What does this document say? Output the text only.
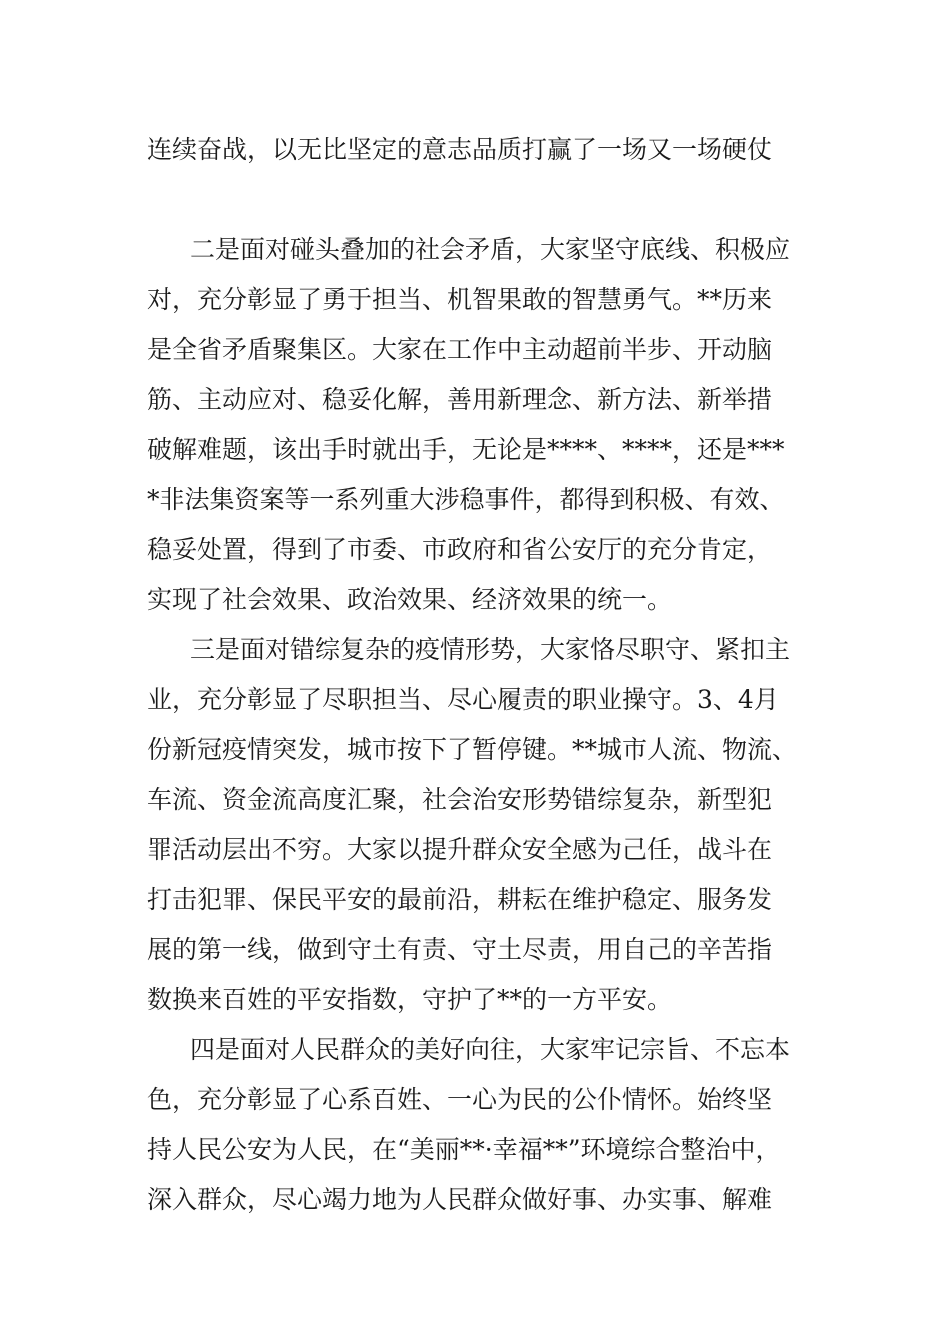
连续奋战，以无比坚定的意志品质打赢了一场又一场硬仗
二是面对碰头叠加的社会矛盾，大家坚守底线、积极应
对，充分彰显了勇于担当、机智果敢的智慧勇气。**历来
是全省矛盾聚集区。大家在工作中主动超前半步、开动脑
筋、主动应对、稳妥化解，善用新理念、新方法、新举措
破解难题，该出手时就出手，无论是****、****，还是***
*非法集资案等一系列重大涉稳事件，都得到积极、有效、
稳妥处置，得到了市委、市政府和省公安厅的充分肯定，
实现了社会效果、政治效果、经济效果的统一。
三是面对错综复杂的疫情形势，大家恪尽职守、紧扣主
业，充分彰显了尽职担当、尽心履责的职业操守。3、4月
份新冠疫情突发，城市按下了暂停键。**城市人流、物流、
车流、资金流高度汇聚，社会治安形势错综复杂，新型犯
罪活动层出不穷。大家以提升群众安全感为己任，战斗在
打击犯罪、保民平安的最前沿，耕耘在维护稳定、服务发
展的第一线，做到守土有责、守土尽责，用自己的辛苦指
数换来百姓的平安指数，守护了**的一方平安。
四是面对人民群众的美好向往，大家牢记宗旨、不忘本
色，充分彰显了心系百姓、一心为民的公仆情怀。始终坚
持人民公安为人民，在“美丽**·幸福**”环境综合整治中，
深入群众，尽心竭力地为人民群众做好事、办实事、解难
